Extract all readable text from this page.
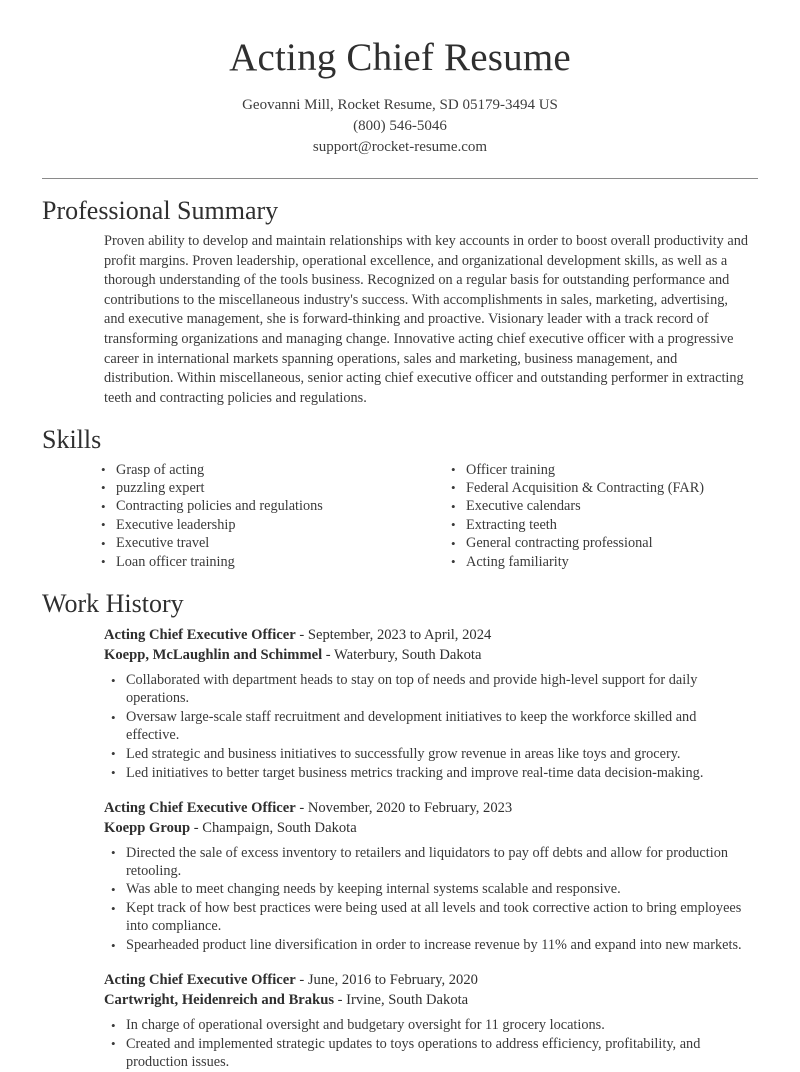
Acting Chief Resume
Geovanni Mill, Rocket Resume, SD 05179-3494 US
(800) 546-5046
support@rocket-resume.com
Professional Summary

Proven ability to develop and maintain relationships with key accounts in order to boost overall productivity and profit margins. Proven leadership, operational excellence, and organizational development skills, as well as a thorough understanding of the tools business. Recognized on a regular basis for outstanding performance and contributions to the miscellaneous industry's success. With accomplishments in sales, marketing, advertising, and executive management, she is forward-thinking and proactive. Visionary leader with a track record of transforming organizations and managing change. Innovative acting chief executive officer with a progressive career in international markets spanning operations, sales and marketing, business management, and distribution. Within miscellaneous, senior acting chief executive officer and outstanding performer in extracting teeth and contracting policies and regulations.

Skills
• Grasp of acting
• puzzling expert
• Contracting policies and regulations
• Executive leadership
• Executive travel
• Loan officer training
• Officer training
• Federal Acquisition & Contracting (FAR)
• Executive calendars
• Extracting teeth
• General contracting professional
• Acting familiarity
Work History
Acting Chief Executive Officer - September, 2023 to April, 2024
Koepp, McLaughlin and Schimmel - Waterbury, South Dakota
• Collaborated with department heads to stay on top of needs and provide high-level support for daily operations.
• Oversaw large-scale staff recruitment and development initiatives to keep the workforce skilled and effective.
• Led strategic and business initiatives to successfully grow revenue in areas like toys and grocery.
• Led initiatives to better target business metrics tracking and improve real-time data decision-making.
Acting Chief Executive Officer - November, 2020 to February, 2023
Koepp Group - Champaign, South Dakota
• Directed the sale of excess inventory to retailers and liquidators to pay off debts and allow for production retooling.
• Was able to meet changing needs by keeping internal systems scalable and responsive.
• Kept track of how best practices were being used at all levels and took corrective action to bring employees into compliance.
• Spearheaded product line diversification in order to increase revenue by 11% and expand into new markets.
Acting Chief Executive Officer - June, 2016 to February, 2020
Cartwright, Heidenreich and Brakus - Irvine, South Dakota
• In charge of operational oversight and budgetary oversight for 11 grocery locations.
• Created and implemented strategic updates to toys operations to address efficiency, profitability, and production issues.
